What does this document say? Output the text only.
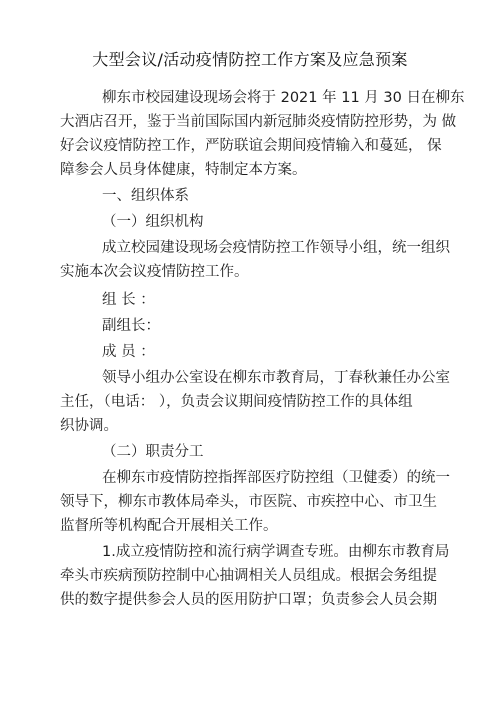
大型会议/活动疫情防控工作方案及应急预案
柳东市校园建设现场会将于 2021 年 11 月 30 日在柳东
大酒店召开，鉴于当前国际国内新冠肺炎疫情防控形势，为 做
好会议疫情防控工作，严防联谊会期间疫情输入和蔓延， 保
障参会人员身体健康，特制定本方案。
一、组织体系
（一）组织机构
成立校园建设现场会疫情防控工作领导小组，统一组织
实施本次会议疫情防控工作。
组 长 ：
副组长：
成 员 ：
领导小组办公室设在柳东市教育局，丁春秋兼任办公室
主任，（电话： ），负责会议期间疫情防控工作的具体组
织协调。
（二）职责分工
在柳东市疫情防控指挥部医疗防控组（卫健委）的统一
领导下，柳东市教体局牵头，市医院、市疾控中心、市卫生
监督所等机构配合开展相关工作。
1.成立疫情防控和流行病学调查专班。由柳东市教育局
牵头市疾病预防控制中心抽调相关人员组成。根据会务组提
供的数字提供参会人员的医用防护口罩；负责参会人员会期
